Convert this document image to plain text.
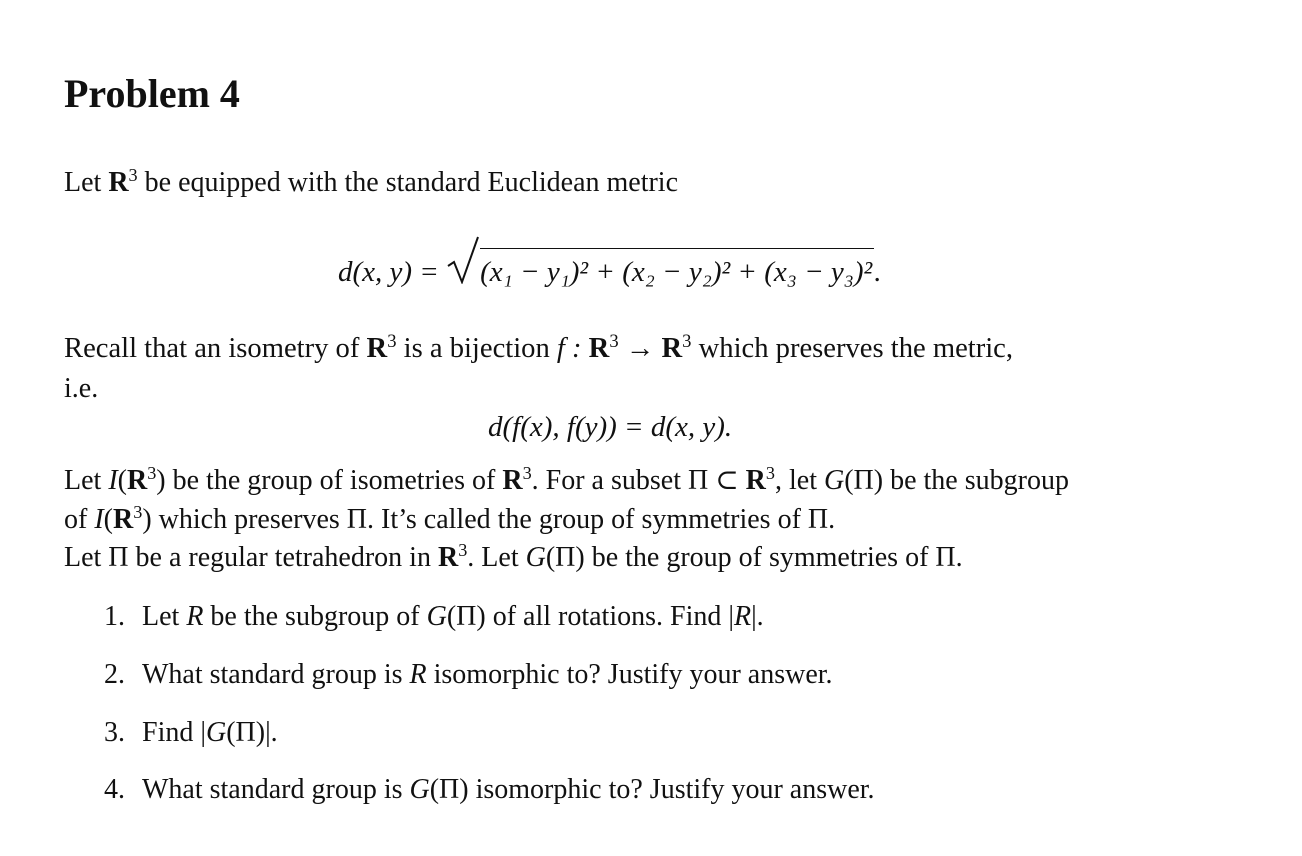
Problem 4
Let $R^3$ be equipped with the standard Euclidean metric
d(x, y) =
(x₁ − y₁)² + (x₂ − y₂)² + (x₃ − y₃)².
Recall that an isometry of $R^3$ is a bijection f : $R^3 \to R^3$ which preserves the metric,
i.e.
d(f(x), f(y)) = d(x, y).
Let $I(R^3)$ be the group of isometries of $R^3$. For a subset Π ⊂ $R^3$, let G(Π) be the subgroup
of $I(R^3)$ which preserves Π. It’s called the group of symmetries of Π.
Let Π be a regular tetrahedron in $R^3$. Let G(Π) be the group of symmetries of Π.
1. Let R be the subgroup of G(Π) of all rotations. Find |R|.
2. What standard group is R isomorphic to? Justify your answer.
3. Find |G(Π)|.
4. What standard group is G(Π) isomorphic to? Justify your answer.
